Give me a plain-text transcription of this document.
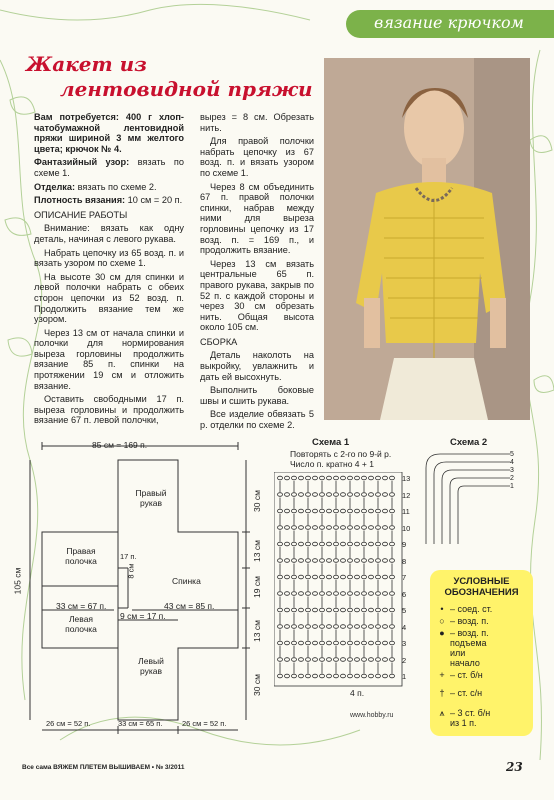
вязание крючком
Жакет из
лентовидной пряжи

Вам потребуется: 400 г хлоп-чатобумажной лентовидной пряжи шириной 3 мм желтого цвета; крючок № 4.

Фантазийный узор: вязать по схеме 1.

Отделка: вязать по схеме 2.

Плотность вязания: 10 см = 20 п.

ОПИСАНИЕ РАБОТЫ

Внимание: вязать как одну деталь, начиная с левого рукава.

Набрать цепочку из 65 возд. п. и вязать узором по схеме 1.

На высоте 30 см для спинки и левой полочки набрать с обеих сторон цепочки из 52 возд. п. Продолжить вязание тем же узором.

Через 13 см от начала спинки и полочки для нормирования выреза горловины продолжить вязание 85 п. спинки на протяжении 19 см и отложить вязание.

Оставить свободными 17 п. выреза горловины и продолжить вязание 67 п. левой полочки,

вырез = 8 см. Обрезать нить.

Для правой полочки набрать цепочку из 67 возд. п. и вязать узором по схеме 1.

Через 8 см объединить 67 п. правой полочки спинки, набрав между ними для выреза горловины цепочку из 17 возд. п. = 169 п., и продолжить вязание.

Через 13 см вязать центральные 65 п. правого рукава, закрыв по 52 п. с каждой стороны и через 30 см обрезать нить. Общая высота около 105 см.

СБОРКА

Деталь наколоть на выкройку, увлажнить и дать ей высохнуть.

Выполнить боковые швы и сшить рукава.

Все изделие обвязать 5 р. отделки по схеме 2.

85 см = 169 п.
Правый
рукав
Правая
полочка
Спинка
17 п.
8 см
33 см = 67 п.	43 см = 85 п.
9 см = 17 п.
Левая
полочка
Левый
рукав
105 см
30 см
13 см
19 см
13 см
30 см
26 см = 52 п.	33 см = 65 п.	26 см = 52 п.
Схема 1
Повторять с 2-го по 9-й р.
Число п. кратно 4 + 1
13
12
11
10
9
8
7
6
5
4
3
2
1
4 п.
Схема 2
5
4
3
2
1
УСЛОВНЫЕ
ОБОЗНАЧЕНИЯ
• – соед. ст.
○ – возд. п.
● – возд. п.
подъема
или
начало
+ – ст. б/н
† – ст. с/н
⩚ – 3 ст. б/н
из 1 п.
www.hobby.ru
Все сама ВЯЖЕМ ПЛЕТЕМ ВЫШИВАЕМ • № 3/2011	23
